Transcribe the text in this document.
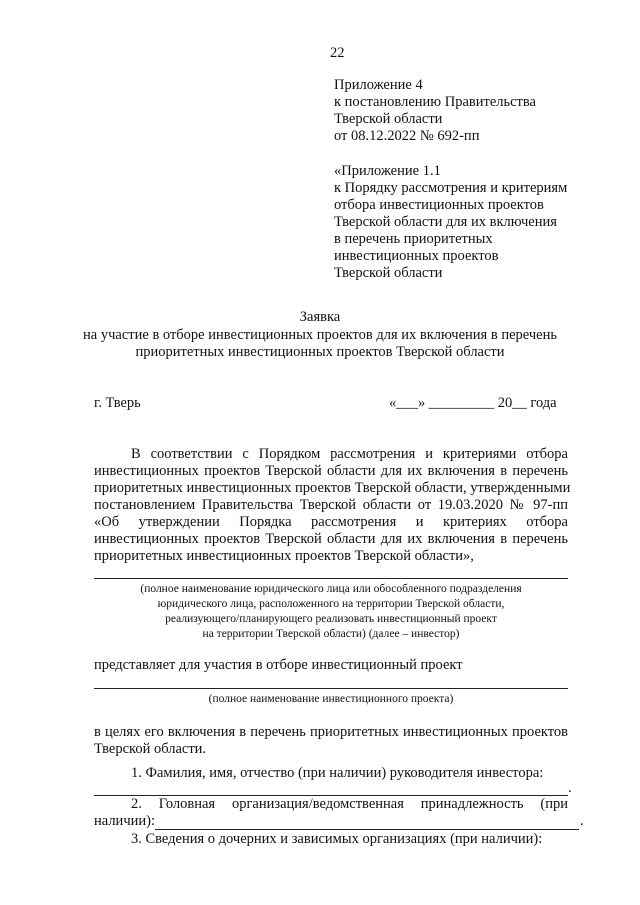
22
Приложение 4
к постановлению Правительства
Тверской области
от 08.12.2022 № 692-пп
«Приложение 1.1
к Порядку рассмотрения и критериям
отбора инвестиционных проектов
Тверской области для их включения
в перечень приоритетных
инвестиционных проектов
Тверской области
Заявка
на участие в отборе инвестиционных проектов для их включения в перечень
приоритетных инвестиционных проектов Тверской области
г. Тверь	«___» _________ 20__ года
В соответствии с Порядком рассмотрения и критериями отбора
инвестиционных проектов Тверской области для их включения в перечень
приоритетных инвестиционных проектов Тверской области, утвержденными
постановлением Правительства Тверской области от 19.03.2020 № 97-пп
«Об утверждении Порядка рассмотрения и критериях отбора
инвестиционных проектов Тверской области для их включения в перечень
приоритетных инвестиционных проектов Тверской области»,
(полное наименование юридического лица или обособленного подразделения
юридического лица, расположенного на территории Тверской области,
реализующего/планирующего реализовать инвестиционный проект
на территории Тверской области) (далее – инвестор)
представляет для участия в отборе инвестиционный проект
(полное наименование инвестиционного проекта)
в целях его включения в перечень приоритетных инвестиционных проектов
Тверской области.
1. Фамилия, имя, отчество (при наличии) руководителя инвестора:
.
2. Головная организация/ведомственная принадлежность (при
наличии):	.
3. Сведения о дочерних и зависимых организациях (при наличии):
